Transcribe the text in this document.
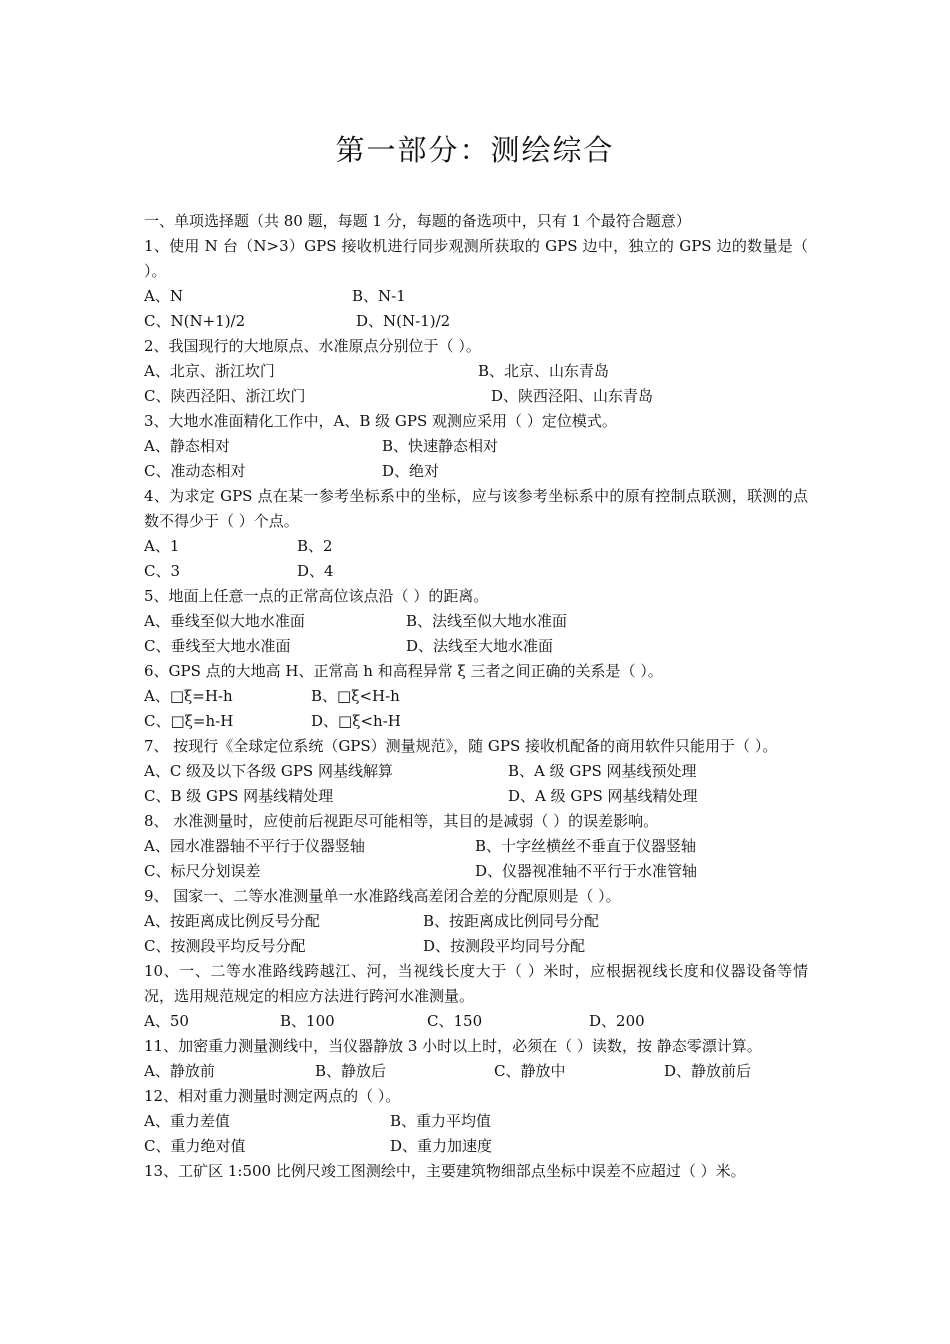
第一部分：测绘综合
一、单项选择题（共 80 题，每题 1 分，每题的备选项中，只有 1 个最符合题意）
1、使用 N 台（N>3）GPS 接收机进行同步观测所获取的 GPS 边中，独立的 GPS 边的数量是（ ）。
A、N	B、N-1
C、N(N+1)/2	D、N(N-1)/2
2、我国现行的大地原点、水准原点分别位于（ ）。
A、北京、浙江坎门	B、北京、山东青岛
C、陕西泾阳、浙江坎门	D、陕西泾阳、山东青岛
3、大地水准面精化工作中，A、B 级 GPS 观测应采用（ ）定位模式。
A、静态相对	B、快速静态相对
C、准动态相对	D、绝对
4、为求定 GPS 点在某一参考坐标系中的坐标，应与该参考坐标系中的原有控制点联测，联测的点数不得少于（ ）个点。
A、1	B、2
C、3	D、4
5、地面上任意一点的正常高位该点沿（ ）的距离。
A、垂线至似大地水准面	B、法线至似大地水准面
C、垂线至大地水准面	D、法线至大地水准面
6、GPS 点的大地高 H、正常高 h 和高程异常 ξ 三者之间正确的关系是（ ）。
A、□ξ=H-h	B、□ξ<H-h
C、□ξ=h-H	D、□ξ<h-H
7、 按现行《全球定位系统（GPS）测量规范》，随 GPS 接收机配备的商用软件只能用于（ ）。
A、C 级及以下各级 GPS 网基线解算	B、A 级 GPS 网基线预处理
C、B 级 GPS 网基线精处理	D、A 级 GPS 网基线精处理
8、 水准测量时，应使前后视距尽可能相等，其目的是减弱（ ）的误差影响。
A、园水准器轴不平行于仪器竖轴	B、十字丝横丝不垂直于仪器竖轴
C、标尺分划误差	D、仪器视准轴不平行于水准管轴
9、 国家一、二等水准测量单一水准路线高差闭合差的分配原则是（ ）。
A、按距离成比例反号分配	B、按距离成比例同号分配
C、按测段平均反号分配	D、按测段平均同号分配
10、一、二等水准路线跨越江、河，当视线长度大于（ ）米时，应根据视线长度和仪器设备等情况，选用规范规定的相应方法进行跨河水准测量。
A、50	B、100	C、150	D、200
11、加密重力测量测线中，当仪器静放 3 小时以上时，必须在（ ）读数，按 静态零漂计算。
A、静放前	B、静放后	C、静放中	D、静放前后
12、相对重力测量时测定两点的（ ）。
A、重力差值	B、重力平均值
C、重力绝对值	D、重力加速度
13、工矿区 1:500 比例尺竣工图测绘中，主要建筑物细部点坐标中误差不应超过（ ）米。
